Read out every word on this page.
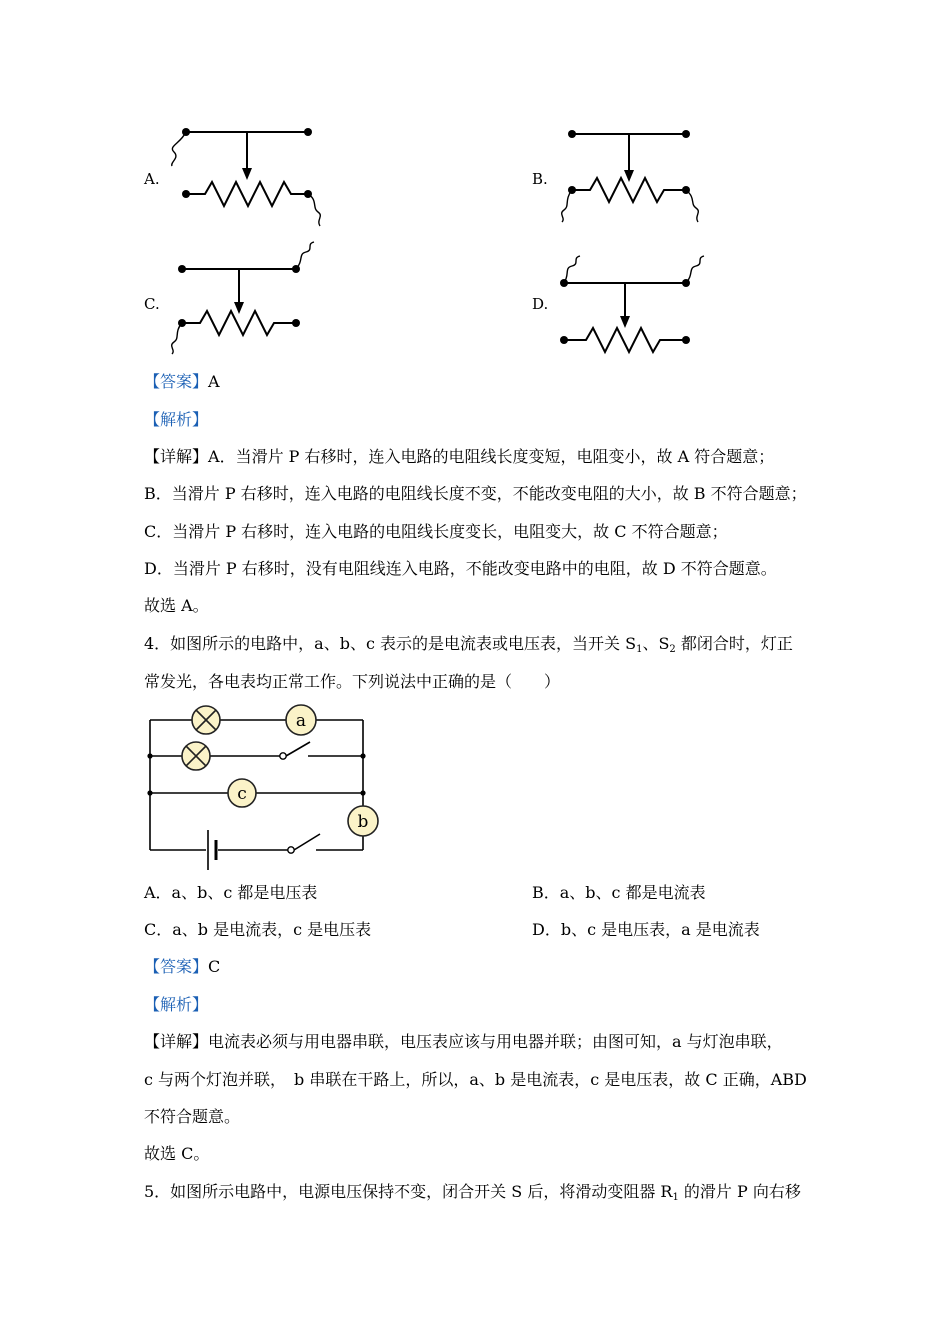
A.	B.
C.	D.
【答案】A
【解析】
【详解】A．当滑片 P 右移时，连入电路的电阻线长度变短，电阻变小，故 A 符合题意；
B．当滑片 P 右移时，连入电路的电阻线长度不变，不能改变电阻的大小，故 B 不符合题意；
C．当滑片 P 右移时，连入电路的电阻线长度变长，电阻变大，故 C 不符合题意；
D．当滑片 P 右移时，没有电阻线连入电路，不能改变电路中的电阻，故 D 不符合题意。
故选 A。
4．如图所示的电路中，a、b、c 表示的是电流表或电压表，当开关 $S_1$、$S_2$ 都闭合时，灯正
常发光，各电表均正常工作。下列说法中正确的是（　　）
a
c
b
A．a、b、c 都是电压表	B．a、b、c 都是电流表
C．a、b 是电流表，c 是电压表	D．b、c 是电压表，a 是电流表
【答案】C
【解析】
【详解】电流表必须与用电器串联，电压表应该与用电器并联；由图可知，a 与灯泡串联，
c 与两个灯泡并联，　b 串联在干路上，所以，a、b 是电流表，c 是电压表，故 C 正确，ABD
不符合题意。
故选 C。
5．如图所示电路中，电源电压保持不变，闭合开关 S 后，将滑动变阻器 $R_1$ 的滑片 P 向右移
